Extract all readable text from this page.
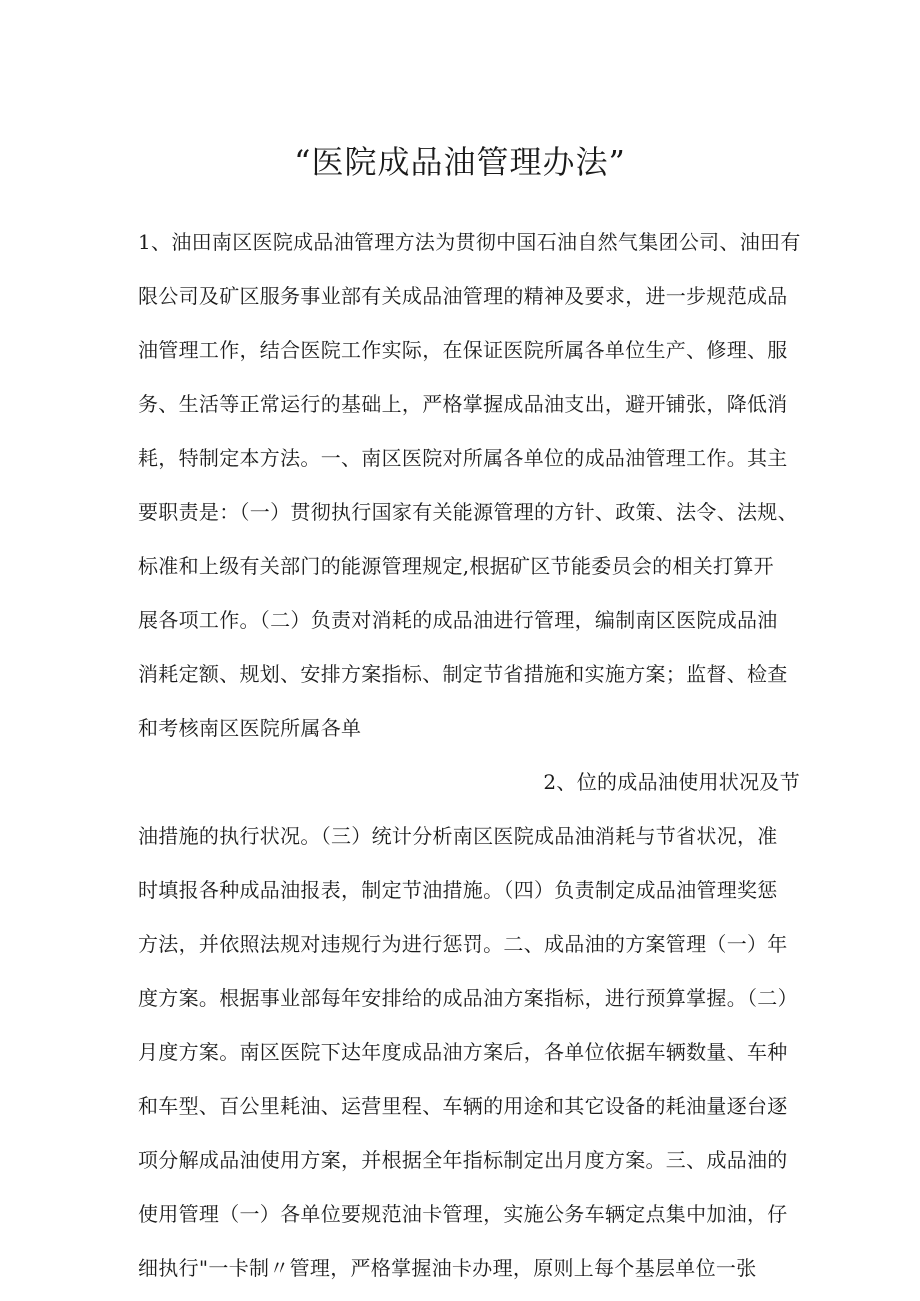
“医院成品油管理办法”
1、油田南区医院成品油管理方法为贯彻中国石油自然气集团公司、油田有
限公司及矿区服务事业部有关成品油管理的精神及要求，进一步规范成品
油管理工作，结合医院工作实际，在保证医院所属各单位生产、修理、服
务、生活等正常运行的基础上，严格掌握成品油支出，避开铺张，降低消
耗，特制定本方法。一、南区医院对所属各单位的成品油管理工作。其主
要职责是：（一）贯彻执行国家有关能源管理的方针、政策、法令、法规、
标准和上级有关部门的能源管理规定,根据矿区节能委员会的相关打算开
展各项工作。（二）负责对消耗的成品油进行管理，编制南区医院成品油
消耗定额、规划、安排方案指标、制定节省措施和实施方案；监督、检查
和考核南区医院所属各单
2、位的成品油使用状况及节
油措施的执行状况。（三）统计分析南区医院成品油消耗与节省状况，准
时填报各种成品油报表，制定节油措施。（四）负责制定成品油管理奖惩
方法，并依照法规对违规行为进行惩罚。二、成品油的方案管理（一）年
度方案。根据事业部每年安排给的成品油方案指标，进行预算掌握。（二）
月度方案。南区医院下达年度成品油方案后，各单位依据车辆数量、车种
和车型、百公里耗油、运营里程、车辆的用途和其它设备的耗油量逐台逐
项分解成品油使用方案，并根据全年指标制定出月度方案。三、成品油的
使用管理（一）各单位要规范油卡管理，实施公务车辆定点集中加油，仔
细执行"一卡制〃管理，严格掌握油卡办理，原则上每个基层单位一张
